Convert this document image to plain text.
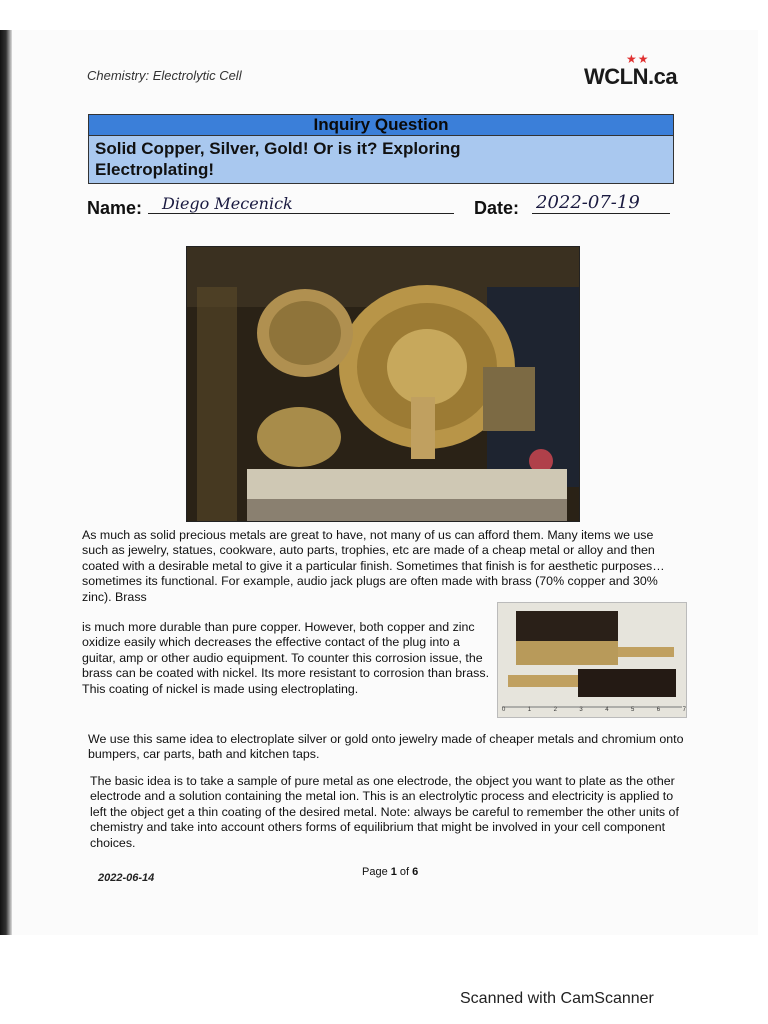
Chemistry: Electrolytic Cell
★★
WCLN.ca
Inquiry Question
Solid Copper, Silver, Gold! Or is it? Exploring Electroplating!
Name: Diego Mecenick	Date: 2022-07-19
As much as solid precious metals are great to have, not many of us can afford them. Many items we use such as jewelry, statues, cookware, auto parts, trophies, etc are made of a cheap metal or alloy and then coated with a desirable metal to give it a particular finish. Sometimes that finish is for aesthetic purposes…sometimes its functional. For example, audio jack plugs are often made with brass (70% copper and 30% zinc). Brass
is much more durable than pure copper. However, both copper and zinc oxidize easily which decreases the effective contact of the plug into a guitar, amp or other audio equipment. To counter this corrosion issue, the brass can be coated with nickel. Its more resistant to corrosion than brass. This coating of nickel is made using electroplating.
0	1	2	3	4	5	6	7
We use this same idea to electroplate silver or gold onto jewelry made of cheaper metals and chromium onto bumpers, car parts, bath and kitchen taps.
The basic idea is to take a sample of pure metal as one electrode, the object you want to plate as the other electrode and a solution containing the metal ion. This is an electrolytic process and electricity is applied to left the object get a thin coating of the desired metal. Note: always be careful to remember the other units of chemistry and take into account others forms of equilibrium that might be involved in your cell component choices.
2022-06-14	Page 1 of 6
Scanned with CamScanner
